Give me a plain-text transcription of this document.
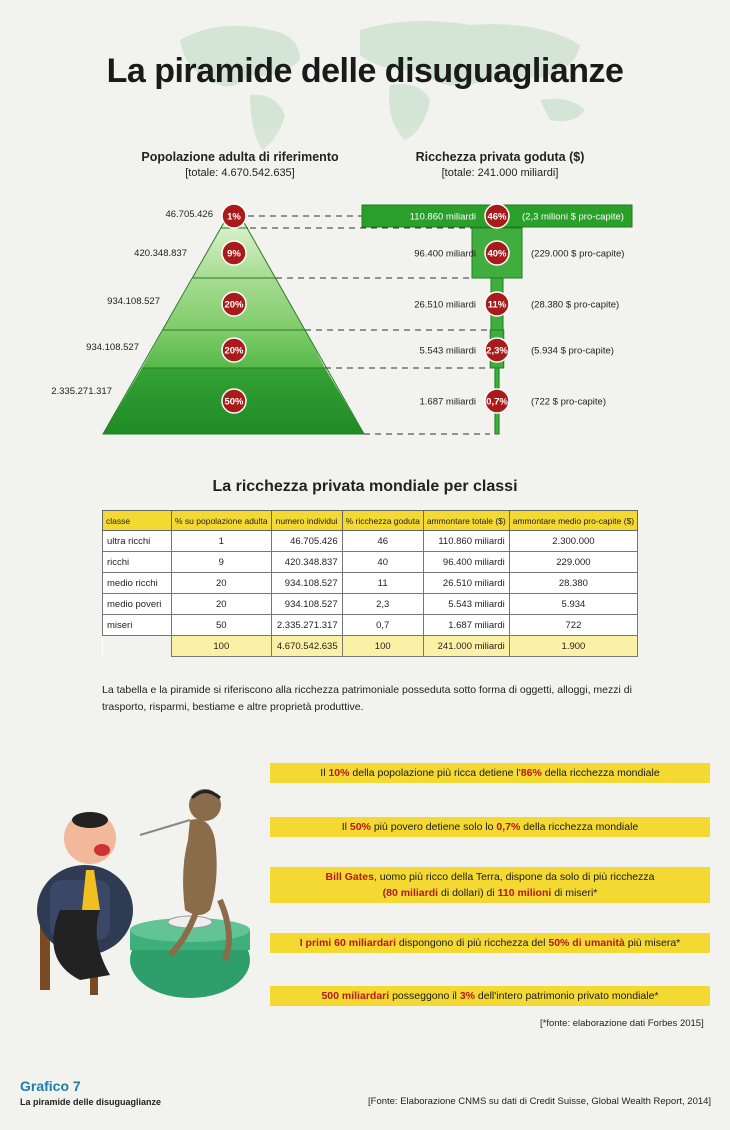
La piramide delle disuguaglianze
Popolazione adulta di riferimento
[totale: 4.670.542.635]
Ricchezza privata goduta ($)
[totale: 241.000 miliardi]
46.705.426
420.348.837
934.108.527
934.108.527
2.335.271.317
1%
9%
20%
20%
50%
46%
40%
11%
2,3%
0,7%
110.860 miliardi
96.400 miliardi
26.510 miliardi
5.543 miliardi
1.687 miliardi
(2,3 milioni $ pro-capite)
(229.000 $ pro-capite)
(28.380 $ pro-capite)
(5.934 $ pro-capite)
(722 $ pro-capite)
La ricchezza privata mondiale per classi
classe	% su popolazione adulta	numero individui	% ricchezza goduta	ammontare totale ($)	ammontare medio pro-capite ($)
ultra ricchi	1	46.705.426	46	110.860 miliardi	2.300.000
ricchi	9	420.348.837	40	96.400 miliardi	229.000
medio ricchi	20	934.108.527	11	26.510 miliardi	28.380
medio poveri	20	934.108.527	2,3	5.543 miliardi	5.934
miseri	50	2.335.271.317	0,7	1.687 miliardi	722
	100	4.670.542.635	100	241.000 miliardi	1.900
La tabella e la piramide si riferiscono alla ricchezza patrimoniale posseduta sotto forma di oggetti, alloggi, mezzi di trasporto, risparmi, bestiame e altre proprietà produttive.
Il 10% della popolazione più ricca detiene l'86% della ricchezza mondiale
Il 50% più povero detiene solo lo 0,7% della ricchezza mondiale
Bill Gates, uomo più ricco della Terra, dispone da solo di più ricchezza
(80 miliardi di dollari) di 110 milioni di miseri*
I primi 60 miliardari dispongono di più ricchezza del 50% di umanità più misera*
500 miliardari posseggono il 3% dell'intero patrimonio privato mondiale*
[*fonte: elaborazione dati Forbes 2015]
Grafico 7
La piramide delle disuguaglianze	[Fonte: Elaborazione CNMS su dati di Credit Suisse, Global Wealth Report, 2014]
